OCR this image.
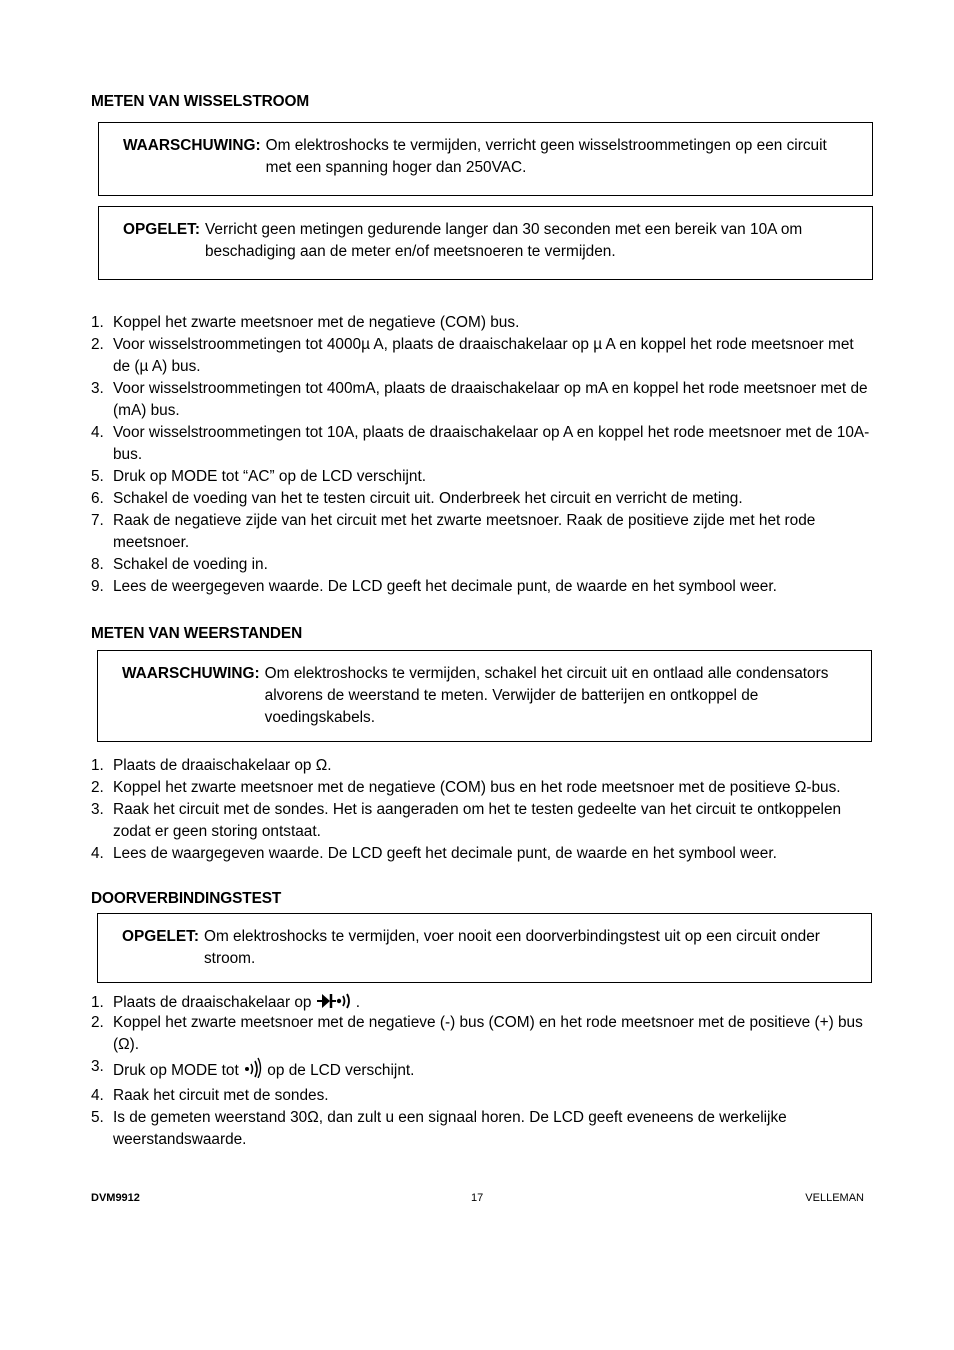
METEN VAN WISSELSTROOM
WAARSCHUWING: Om elektroshocks te vermijden, verricht geen wisselstroommetingen op een circuit met een spanning hoger dan 250VAC.
OPGELET: Verricht geen metingen gedurende langer dan 30 seconden met een bereik van 10A om beschadiging aan de meter en/of meetsnoeren te vermijden.
1. Koppel het zwarte meetsnoer met de negatieve (COM) bus.
2. Voor wisselstroommetingen tot 4000µ A, plaats de draaischakelaar op µ A en koppel het rode meetsnoer met de (µ A) bus.
3. Voor wisselstroommetingen tot 400mA, plaats de draaischakelaar op mA en koppel het rode meetsnoer met de (mA) bus.
4. Voor wisselstroommetingen tot 10A, plaats de draaischakelaar op A en koppel het rode meetsnoer met de 10A-bus.
5. Druk op MODE tot “AC” op de LCD verschijnt.
6. Schakel de voeding van het te testen circuit uit. Onderbreek het circuit en verricht de meting.
7. Raak de negatieve zijde van het circuit met het zwarte meetsnoer. Raak de positieve zijde met het rode meetsnoer.
8. Schakel de voeding in.
9. Lees de weergegeven waarde. De LCD geeft het decimale punt, de waarde en het symbool weer.
METEN VAN WEERSTANDEN
WAARSCHUWING: Om elektroshocks te vermijden, schakel het circuit uit en ontlaad alle condensators alvorens de weerstand te meten. Verwijder de batterijen en ontkoppel de voedingskabels.
1. Plaats de draaischakelaar op Ω.
2. Koppel het zwarte meetsnoer met de negatieve (COM) bus en het rode meetsnoer met de positieve Ω-bus.
3. Raak het circuit met de sondes. Het is aangeraden om het te testen gedeelte van het circuit te ontkoppelen zodat er geen storing ontstaat.
4. Lees de waargegeven waarde. De LCD geeft het decimale punt, de waarde en het symbool weer.
DOORVERBINDINGSTEST
OPGELET: Om elektroshocks te vermijden, voer nooit een doorverbindingstest uit op een circuit onder stroom.
1. Plaats de draaischakelaar op	.
2. Koppel het zwarte meetsnoer met de negatieve (-) bus (COM) en het rode meetsnoer met de positieve (+) bus (Ω).
3. Druk op MODE tot op de LCD verschijnt.
4. Raak het circuit met de sondes.
5. Is de gemeten weerstand 30Ω, dan zult u een signaal horen. De LCD geeft eveneens de werkelijke weerstandswaarde.
DVM9912	17	VELLEMAN
